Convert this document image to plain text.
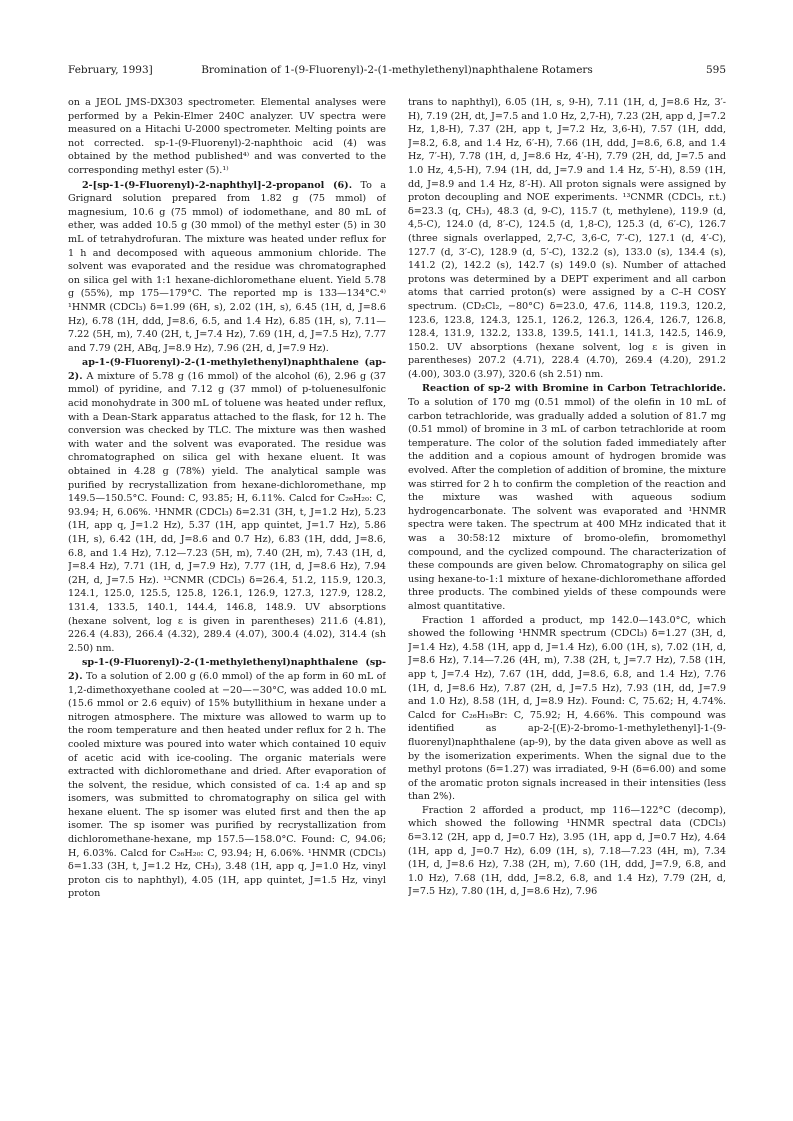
February, 1993]	Bromination of 1-(9-Fluorenyl)-2-(1-methylethenyl)naphthalene Rotamers	595

on a JEOL JMS-DX303 spectrometer. Elemental analyses were performed by a Pekin-Elmer 240C analyzer. UV spectra were measured on a Hitachi U-2000 spectrometer. Melting points are not corrected. sp-1-(9-Fluorenyl)-2-naphthoic acid (4) was obtained by the method published⁴⁾ and was converted to the corresponding methyl ester (5).¹⁾

2-[sp-1-(9-Fluorenyl)-2-naphthyl]-2-propanol (6). To a Grignard solution prepared from 1.82 g (75 mmol) of magnesium, 10.6 g (75 mmol) of iodomethane, and 80 mL of ether, was added 10.5 g (30 mmol) of the methyl ester (5) in 30 mL of tetrahydrofuran. The mixture was heated under reflux for 1 h and decomposed with aqueous ammonium chloride. The solvent was evaporated and the residue was chromatographed on silica gel with 1:1 hexane-dichloromethane eluent. Yield 5.78 g (55%), mp 175—179°C. The reported mp is 133—134°C.⁴⁾ ¹HNMR (CDCl₃) δ=1.99 (6H, s), 2.02 (1H, s), 6.45 (1H, d, J=8.6 Hz), 6.78 (1H, ddd, J=8.6, 6.5, and 1.4 Hz), 6.85 (1H, s), 7.11—7.22 (5H, m), 7.40 (2H, t, J=7.4 Hz), 7.69 (1H, d, J=7.5 Hz), 7.77 and 7.79 (2H, ABq, J=8.9 Hz), 7.96 (2H, d, J=7.9 Hz).

ap-1-(9-Fluorenyl)-2-(1-methylethenyl)naphthalene (ap-2). A mixture of 5.78 g (16 mmol) of the alcohol (6), 2.96 g (37 mmol) of pyridine, and 7.12 g (37 mmol) of p-toluenesulfonic acid monohydrate in 300 mL of toluene was heated under reflux, with a Dean-Stark apparatus attached to the flask, for 12 h. The conversion was checked by TLC. The mixture was then washed with water and the solvent was evaporated. The residue was chromatographed on silica gel with hexane eluent. It was obtained in 4.28 g (78%) yield. The analytical sample was purified by recrystallization from hexane-dichloromethane, mp 149.5—150.5°C. Found: C, 93.85; H, 6.11%. Calcd for C₂₆H₂₀: C, 93.94; H, 6.06%. ¹HNMR (CDCl₃) δ=2.31 (3H, t, J=1.2 Hz), 5.23 (1H, app q, J=1.2 Hz), 5.37 (1H, app quintet, J=1.7 Hz), 5.86 (1H, s), 6.42 (1H, dd, J=8.6 and 0.7 Hz), 6.83 (1H, ddd, J=8.6, 6.8, and 1.4 Hz), 7.12—7.23 (5H, m), 7.40 (2H, m), 7.43 (1H, d, J=8.4 Hz), 7.71 (1H, d, J=7.9 Hz), 7.77 (1H, d, J=8.6 Hz), 7.94 (2H, d, J=7.5 Hz). ¹³CNMR (CDCl₃) δ=26.4, 51.2, 115.9, 120.3, 124.1, 125.0, 125.5, 125.8, 126.1, 126.9, 127.3, 127.9, 128.2, 131.4, 133.5, 140.1, 144.4, 146.8, 148.9. UV absorptions (hexane solvent, log ε is given in parentheses) 211.6 (4.81), 226.4 (4.83), 266.4 (4.32), 289.4 (4.07), 300.4 (4.02), 314.4 (sh 2.50) nm.

sp-1-(9-Fluorenyl)-2-(1-methylethenyl)naphthalene (sp-2). To a solution of 2.00 g (6.0 mmol) of the ap form in 60 mL of 1,2-dimethoxyethane cooled at −20—−30°C, was added 10.0 mL (15.6 mmol or 2.6 equiv) of 15% butyllithium in hexane under a nitrogen atmosphere. The mixture was allowed to warm up to the room temperature and then heated under reflux for 2 h. The cooled mixture was poured into water which contained 10 equiv of acetic acid with ice-cooling. The organic materials were extracted with dichloromethane and dried. After evaporation of the solvent, the residue, which consisted of ca. 1:4 ap and sp isomers, was submitted to chromatography on silica gel with hexane eluent. The sp isomer was eluted first and then the ap isomer. The sp isomer was purified by recrystallization from dichloromethane-hexane, mp 157.5—158.0°C. Found: C, 94.06; H, 6.03%. Calcd for C₂₆H₂₀: C, 93.94; H, 6.06%. ¹HNMR (CDCl₃) δ=1.33 (3H, t, J=1.2 Hz, CH₃), 3.48 (1H, app q, J=1.0 Hz, vinyl proton cis to naphthyl), 4.05 (1H, app quintet, J=1.5 Hz, vinyl proton

trans to naphthyl), 6.05 (1H, s, 9-H), 7.11 (1H, d, J=8.6 Hz, 3′-H), 7.19 (2H, dt, J=7.5 and 1.0 Hz, 2,7-H), 7.23 (2H, app d, J=7.2 Hz, 1,8-H), 7.37 (2H, app t, J=7.2 Hz, 3,6-H), 7.57 (1H, ddd, J=8.2, 6.8, and 1.4 Hz, 6′-H), 7.66 (1H, ddd, J=8.6, 6.8, and 1.4 Hz, 7′-H), 7.78 (1H, d, J=8.6 Hz, 4′-H), 7.79 (2H, dd, J=7.5 and 1.0 Hz, 4,5-H), 7.94 (1H, dd, J=7.9 and 1.4 Hz, 5′-H), 8.59 (1H, dd, J=8.9 and 1.4 Hz, 8′-H). All proton signals were assigned by proton decoupling and NOE experiments. ¹³CNMR (CDCl₃, r.t.) δ=23.3 (q, CH₃), 48.3 (d, 9-C), 115.7 (t, methylene), 119.9 (d, 4,5-C), 124.0 (d, 8′-C), 124.5 (d, 1,8-C), 125.3 (d, 6′-C), 126.7 (three signals overlapped, 2,7-C, 3,6-C, 7′-C), 127.1 (d, 4′-C), 127.7 (d, 3′-C), 128.9 (d, 5′-C), 132.2 (s), 133.0 (s), 134.4 (s), 141.2 (2), 142.2 (s), 142.7 (s) 149.0 (s). Number of attached protons was determined by a DEPT experiment and all carbon atoms that carried proton(s) were assigned by a C–H COSY spectrum. (CD₂Cl₂, −80°C) δ=23.0, 47.6, 114.8, 119.3, 120.2, 123.6, 123.8, 124.3, 125.1, 126.2, 126.3, 126.4, 126.7, 126.8, 128.4, 131.9, 132.2, 133.8, 139.5, 141.1, 141.3, 142.5, 146.9, 150.2. UV absorptions (hexane solvent, log ε is given in parentheses) 207.2 (4.71), 228.4 (4.70), 269.4 (4.20), 291.2 (4.00), 303.0 (3.97), 320.6 (sh 2.51) nm.

Reaction of sp-2 with Bromine in Carbon Tetrachloride. To a solution of 170 mg (0.51 mmol) of the olefin in 10 mL of carbon tetrachloride, was gradually added a solution of 81.7 mg (0.51 mmol) of bromine in 3 mL of carbon tetrachloride at room temperature. The color of the solution faded immediately after the addition and a copious amount of hydrogen bromide was evolved. After the completion of addition of bromine, the mixture was stirred for 2 h to confirm the completion of the reaction and the mixture was washed with aqueous sodium hydrogencarbonate. The solvent was evaporated and ¹HNMR spectra were taken. The spectrum at 400 MHz indicated that it was a 30:58:12 mixture of bromo-olefin, bromomethyl compound, and the cyclized compound. The characterization of these compounds are given below. Chromatography on silica gel using hexane-to-1:1 mixture of hexane-dichloromethane afforded three products. The combined yields of these compounds were almost quantitative.

Fraction 1 afforded a product, mp 142.0—143.0°C, which showed the following ¹HNMR spectrum (CDCl₃) δ=1.27 (3H, d, J=1.4 Hz), 4.58 (1H, app d, J=1.4 Hz), 6.00 (1H, s), 7.02 (1H, d, J=8.6 Hz), 7.14—7.26 (4H, m), 7.38 (2H, t, J=7.7 Hz), 7.58 (1H, app t, J=7.4 Hz), 7.67 (1H, ddd, J=8.6, 6.8, and 1.4 Hz), 7.76 (1H, d, J=8.6 Hz), 7.87 (2H, d, J=7.5 Hz), 7.93 (1H, dd, J=7.9 and 1.0 Hz), 8.58 (1H, d, J=8.9 Hz). Found: C, 75.62; H, 4.74%. Calcd for C₂₆H₁₉Br: C, 75.92; H, 4.66%. This compound was identified as ap-2-[(E)-2-bromo-1-methylethenyl]-1-(9-fluorenyl)naphthalene (ap-9), by the data given above as well as by the isomerization experiments. When the signal due to the methyl protons (δ=1.27) was irradiated, 9-H (δ=6.00) and some of the aromatic proton signals increased in their intensities (less than 2%).

Fraction 2 afforded a product, mp 116—122°C (decomp), which showed the following ¹HNMR spectral data (CDCl₃) δ=3.12 (2H, app d, J=0.7 Hz), 3.95 (1H, app d, J=0.7 Hz), 4.64 (1H, app d, J=0.7 Hz), 6.09 (1H, s), 7.18—7.23 (4H, m), 7.34 (1H, d, J=8.6 Hz), 7.38 (2H, m), 7.60 (1H, ddd, J=7.9, 6.8, and 1.0 Hz), 7.68 (1H, ddd, J=8.2, 6.8, and 1.4 Hz), 7.79 (2H, d, J=7.5 Hz), 7.80 (1H, d, J=8.6 Hz), 7.96
